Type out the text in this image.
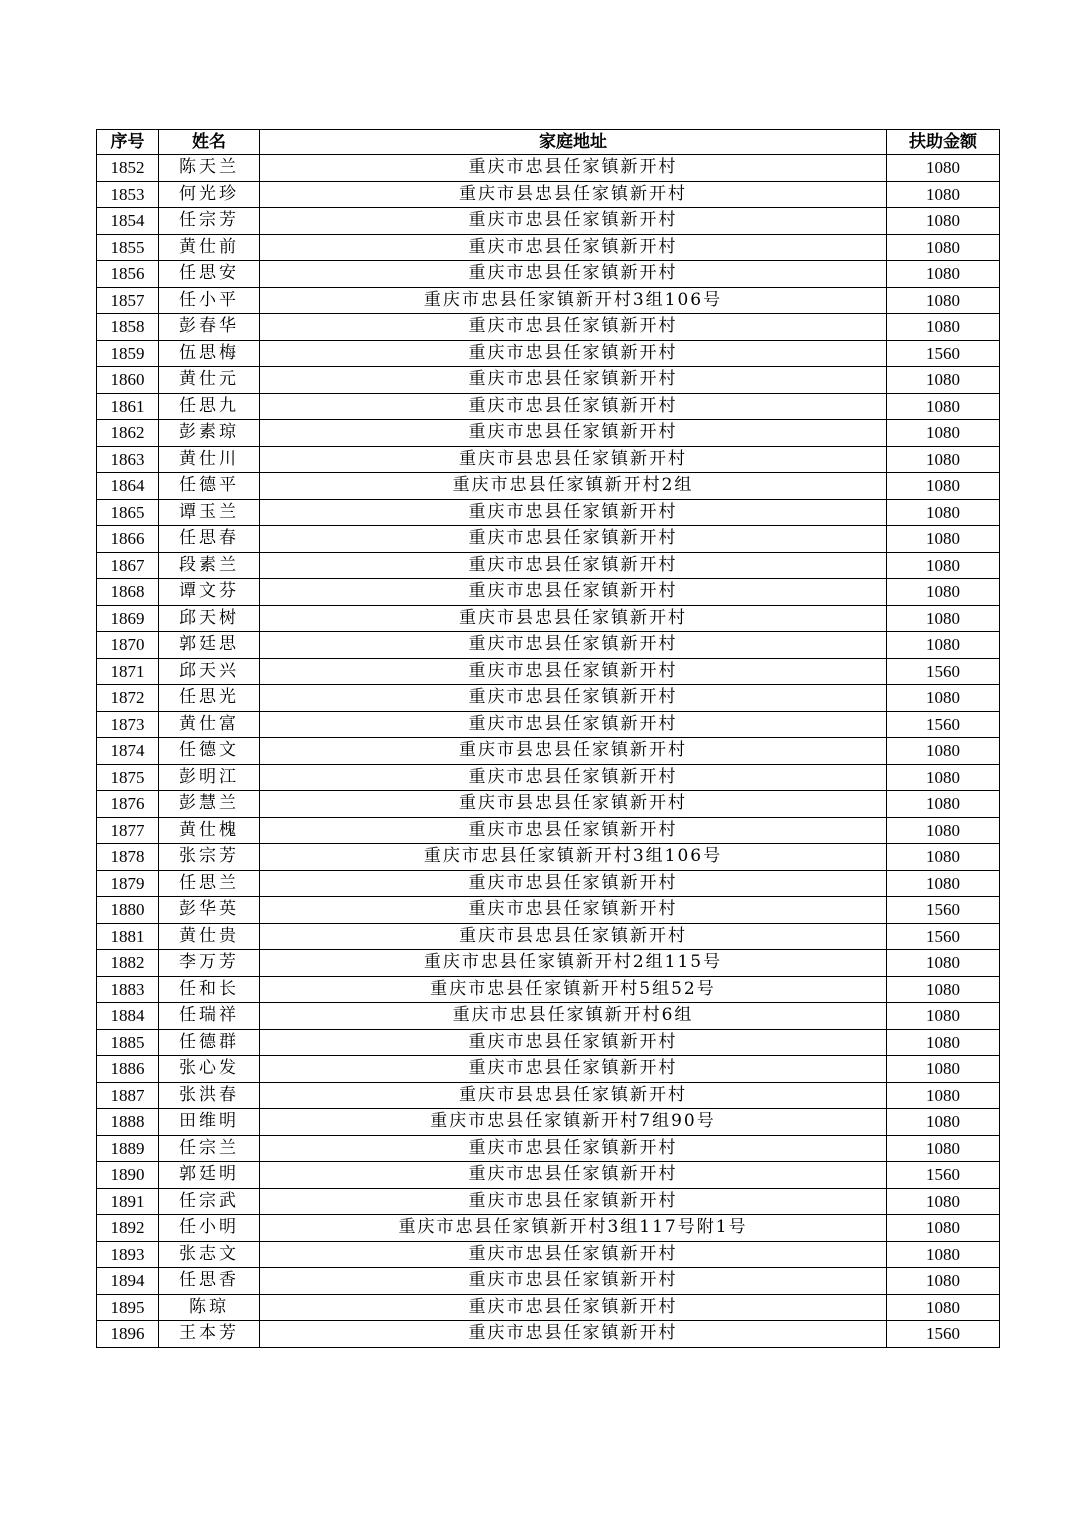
序号	姓名	家庭地址	扶助金额
1852	陈天兰	重庆市忠县任家镇新开村	1080
1853	何光珍	重庆市县忠县任家镇新开村	1080
1854	任宗芳	重庆市忠县任家镇新开村	1080
1855	黄仕前	重庆市忠县任家镇新开村	1080
1856	任思安	重庆市忠县任家镇新开村	1080
1857	任小平	重庆市忠县任家镇新开村3组106号	1080
1858	彭春华	重庆市忠县任家镇新开村	1080
1859	伍思梅	重庆市忠县任家镇新开村	1560
1860	黄仕元	重庆市忠县任家镇新开村	1080
1861	任思九	重庆市忠县任家镇新开村	1080
1862	彭素琼	重庆市忠县任家镇新开村	1080
1863	黄仕川	重庆市县忠县任家镇新开村	1080
1864	任德平	重庆市忠县任家镇新开村2组	1080
1865	谭玉兰	重庆市忠县任家镇新开村	1080
1866	任思春	重庆市忠县任家镇新开村	1080
1867	段素兰	重庆市忠县任家镇新开村	1080
1868	谭文芬	重庆市忠县任家镇新开村	1080
1869	邱天树	重庆市县忠县任家镇新开村	1080
1870	郭廷思	重庆市忠县任家镇新开村	1080
1871	邱天兴	重庆市忠县任家镇新开村	1560
1872	任思光	重庆市忠县任家镇新开村	1080
1873	黄仕富	重庆市忠县任家镇新开村	1560
1874	任德文	重庆市县忠县任家镇新开村	1080
1875	彭明江	重庆市忠县任家镇新开村	1080
1876	彭慧兰	重庆市县忠县任家镇新开村	1080
1877	黄仕槐	重庆市忠县任家镇新开村	1080
1878	张宗芳	重庆市忠县任家镇新开村3组106号	1080
1879	任思兰	重庆市忠县任家镇新开村	1080
1880	彭华英	重庆市忠县任家镇新开村	1560
1881	黄仕贵	重庆市县忠县任家镇新开村	1560
1882	李万芳	重庆市忠县任家镇新开村2组115号	1080
1883	任和长	重庆市忠县任家镇新开村5组52号	1080
1884	任瑞祥	重庆市忠县任家镇新开村6组	1080
1885	任德群	重庆市忠县任家镇新开村	1080
1886	张心发	重庆市忠县任家镇新开村	1080
1887	张洪春	重庆市县忠县任家镇新开村	1080
1888	田维明	重庆市忠县任家镇新开村7组90号	1080
1889	任宗兰	重庆市忠县任家镇新开村	1080
1890	郭廷明	重庆市忠县任家镇新开村	1560
1891	任宗武	重庆市忠县任家镇新开村	1080
1892	任小明	重庆市忠县任家镇新开村3组117号附1号	1080
1893	张志文	重庆市忠县任家镇新开村	1080
1894	任思香	重庆市忠县任家镇新开村	1080
1895	陈琼	重庆市忠县任家镇新开村	1080
1896	王本芳	重庆市忠县任家镇新开村	1560
